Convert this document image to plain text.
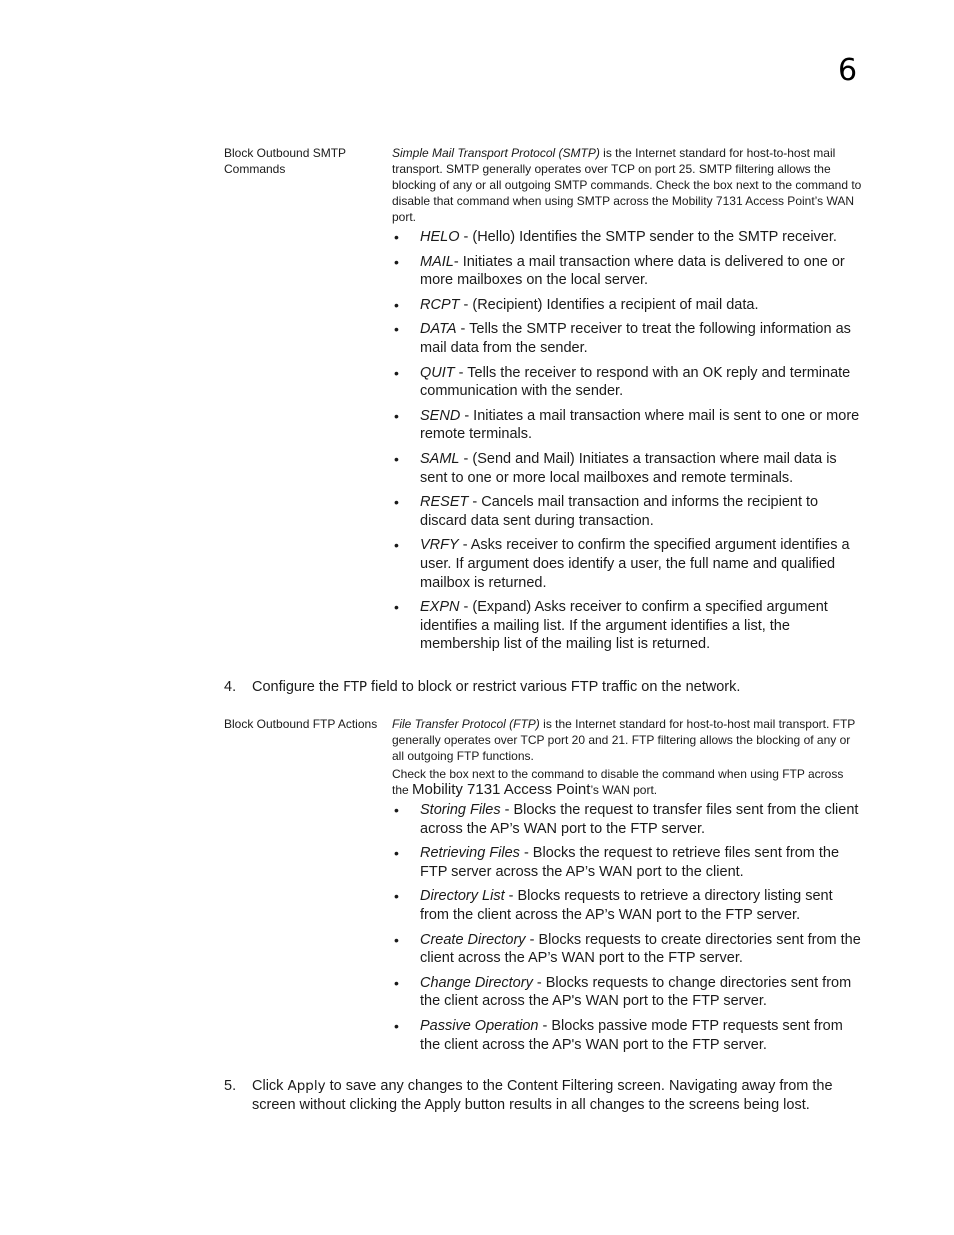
6
Block Outbound SMTP Commands

Simple Mail Transport Protocol (SMTP) is the Internet standard for host-to-host mail transport. SMTP generally operates over TCP on port 25. SMTP filtering allows the blocking of any or all outgoing SMTP commands. Check the box next to the command to disable that command when using SMTP across the Mobility 7131 Access Point’s WAN port.

• HELO - (Hello) Identifies the SMTP sender to the SMTP receiver.
• MAIL- Initiates a mail transaction where data is delivered to one or more mailboxes on the local server.
• RCPT - (Recipient) Identifies a recipient of mail data.
• DATA - Tells the SMTP receiver to treat the following information as mail data from the sender.
• QUIT - Tells the receiver to respond with an OK reply and terminate communication with the sender.
• SEND - Initiates a mail transaction where mail is sent to one or more remote terminals.
• SAML - (Send and Mail) Initiates a transaction where mail data is sent to one or more local mailboxes and remote terminals.
• RESET - Cancels mail transaction and informs the recipient to discard data sent during transaction.
• VRFY - Asks receiver to confirm the specified argument identifies a user. If argument does identify a user, the full name and qualified mailbox is returned.
• EXPN - (Expand) Asks receiver to confirm a specified argument identifies a mailing list. If the argument identifies a list, the membership list of the mailing list is returned.
4. Configure the FTP field to block or restrict various FTP traffic on the network.
Block Outbound FTP Actions	File Transfer Protocol (FTP) is the Internet standard for host-to-host mail transport. FTP generally operates over TCP port 20 and 21. FTP filtering allows the blocking of any or all outgoing FTP functions.

Check the box next to the command to disable the command when using FTP across the Mobility 7131 Access Point’s WAN port.

• Storing Files - Blocks the request to transfer files sent from the client across the AP’s WAN port to the FTP server.
• Retrieving Files - Blocks the request to retrieve files sent from the FTP server across the AP’s WAN port to the client.
• Directory List - Blocks requests to retrieve a directory listing sent from the client across the AP’s WAN port to the FTP server.
• Create Directory - Blocks requests to create directories sent from the client across the AP’s WAN port to the FTP server.
• Change Directory - Blocks requests to change directories sent from the client across the AP's WAN port to the FTP server.
• Passive Operation - Blocks passive mode FTP requests sent from the client across the AP's WAN port to the FTP server.
5. Click Apply to save any changes to the Content Filtering screen. Navigating away from the screen without clicking the Apply button results in all changes to the screens being lost.
